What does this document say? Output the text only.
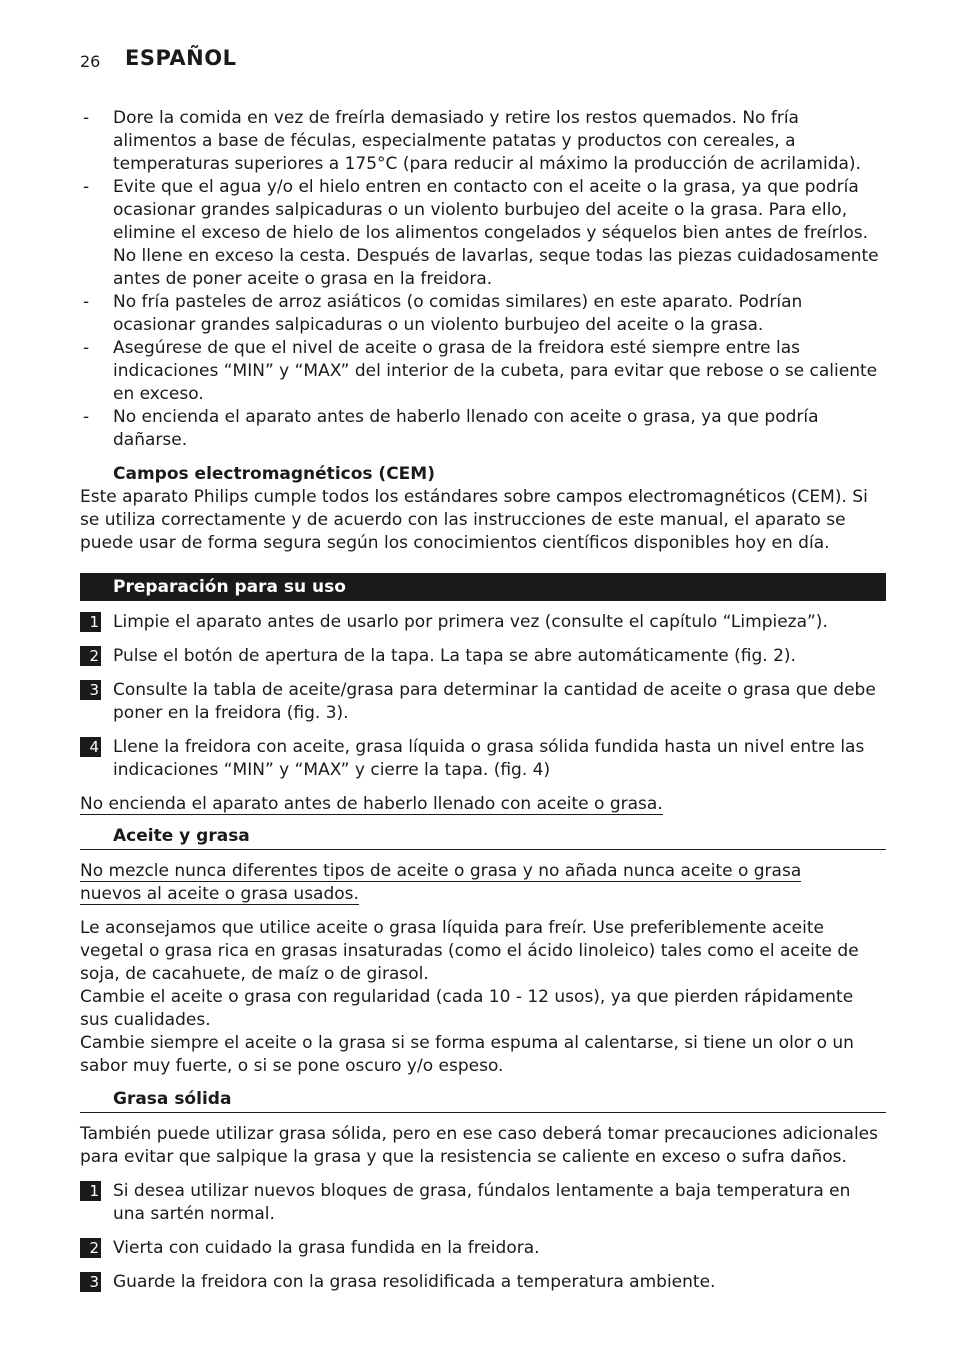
26 ESPAÑOL
- Dore la comida en vez de freírla demasiado y retire los restos quemados. No fría alimentos a base de féculas, especialmente patatas y productos con cereales, a temperaturas superiores a 175°C (para reducir al máximo la producción de acrilamida).
- Evite que el agua y/o el hielo entren en contacto con el aceite o la grasa, ya que podría ocasionar grandes salpicaduras o un violento burbujeo del aceite o la grasa. Para ello, elimine el exceso de hielo de los alimentos congelados y séquelos bien antes de freírlos. No llene en exceso la cesta. Después de lavarlas, seque todas las piezas cuidadosamente antes de poner aceite o grasa en la freidora.
- No fría pasteles de arroz asiáticos (o comidas similares) en este aparato. Podrían ocasionar grandes salpicaduras o un violento burbujeo del aceite o la grasa.
- Asegúrese de que el nivel de aceite o grasa de la freidora esté siempre entre las indicaciones “MIN” y “MAX” del interior de la cubeta, para evitar que rebose o se caliente en exceso.
- No encienda el aparato antes de haberlo llenado con aceite o grasa, ya que podría dañarse.
Campos electromagnéticos (CEM)

Este aparato Philips cumple todos los estándares sobre campos electromagnéticos (CEM). Si se utiliza correctamente y de acuerdo con las instrucciones de este manual, el aparato se puede usar de forma segura según los conocimientos científicos disponibles hoy en día.

Preparación para su uso
1 Limpie el aparato antes de usarlo por primera vez (consulte el capítulo “Limpieza”).
2 Pulse el botón de apertura de la tapa. La tapa se abre automáticamente (fig. 2).
3 Consulte la tabla de aceite/grasa para determinar la cantidad de aceite o grasa que debe poner en la freidora (fig. 3).
4 Llene la freidora con aceite, grasa líquida o grasa sólida fundida hasta un nivel entre las indicaciones “MIN” y “MAX” y cierre la tapa. (fig. 4)

No encienda el aparato antes de haberlo llenado con aceite o grasa.

Aceite y grasa

No mezcle nunca diferentes tipos de aceite o grasa y no añada nunca aceite o grasa nuevos al aceite o grasa usados.

Le aconsejamos que utilice aceite o grasa líquida para freír. Use preferiblemente aceite vegetal o grasa rica en grasas insaturadas (como el ácido linoleico) tales como el aceite de soja, de cacahuete, de maíz o de girasol.

Cambie el aceite o grasa con regularidad (cada 10 - 12 usos), ya que pierden rápidamente sus cualidades.

Cambie siempre el aceite o la grasa si se forma espuma al calentarse, si tiene un olor o un sabor muy fuerte, o si se pone oscuro y/o espeso.

Grasa sólida

También puede utilizar grasa sólida, pero en ese caso deberá tomar precauciones adicionales para evitar que salpique la grasa y que la resistencia se caliente en exceso o sufra daños.

1 Si desea utilizar nuevos bloques de grasa, fúndalos lentamente a baja temperatura en una sartén normal.
2 Vierta con cuidado la grasa fundida en la freidora.
3 Guarde la freidora con la grasa resolidificada a temperatura ambiente.
